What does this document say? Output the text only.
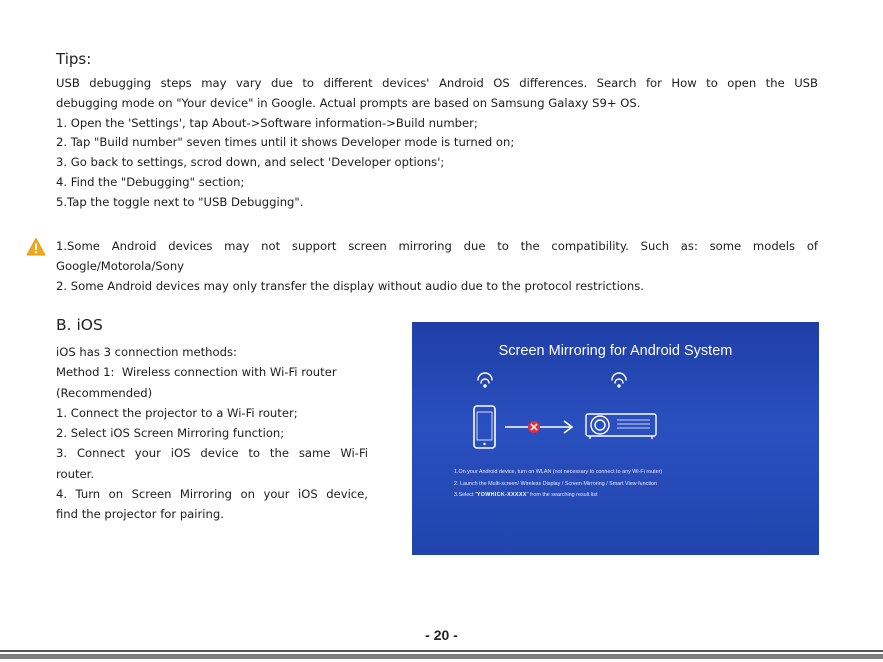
Tips:

USB debugging steps may vary due to different devices' Android OS differences. Search for How to open the USB

debugging mode on "Your device" in Google. Actual prompts are based on Samsung Galaxy S9+ OS.

1. Open the 'Settings', tap About->Software information->Build number;

2. Tap "Build number" seven times until it shows Developer mode is turned on;

3. Go back to settings, scrod down, and select 'Developer options';

4. Find the "Debugging" section;

5.Tap the toggle next to "USB Debugging".

1.Some Android devices may not support screen mirroring due to the compatibility. Such as: some models of

Google/Motorola/Sony

2. Some Android devices may only transfer the display without audio due to the protocol restrictions.

B. iOS

iOS has 3 connection methods:

Method 1:  Wireless connection with Wi-Fi router

(Recommended)

1. Connect the projector to a Wi-Fi router;

2. Select iOS Screen Mirroring function;

3. Connect your iOS device to the same Wi-Fi

router.

4. Turn on Screen Mirroring on your iOS device,

find the projector for pairing.

Screen Mirroring for Android System
1.On your Android device, turn on WLAN (not necessary to connect to any Wi-Fi router)
2. Launch the Multi-screen/ Wireless Display / Screen Mirroring / Smart View function
3.Select "YOWHICK-XXXXX" from the searching result list
- 20 -
